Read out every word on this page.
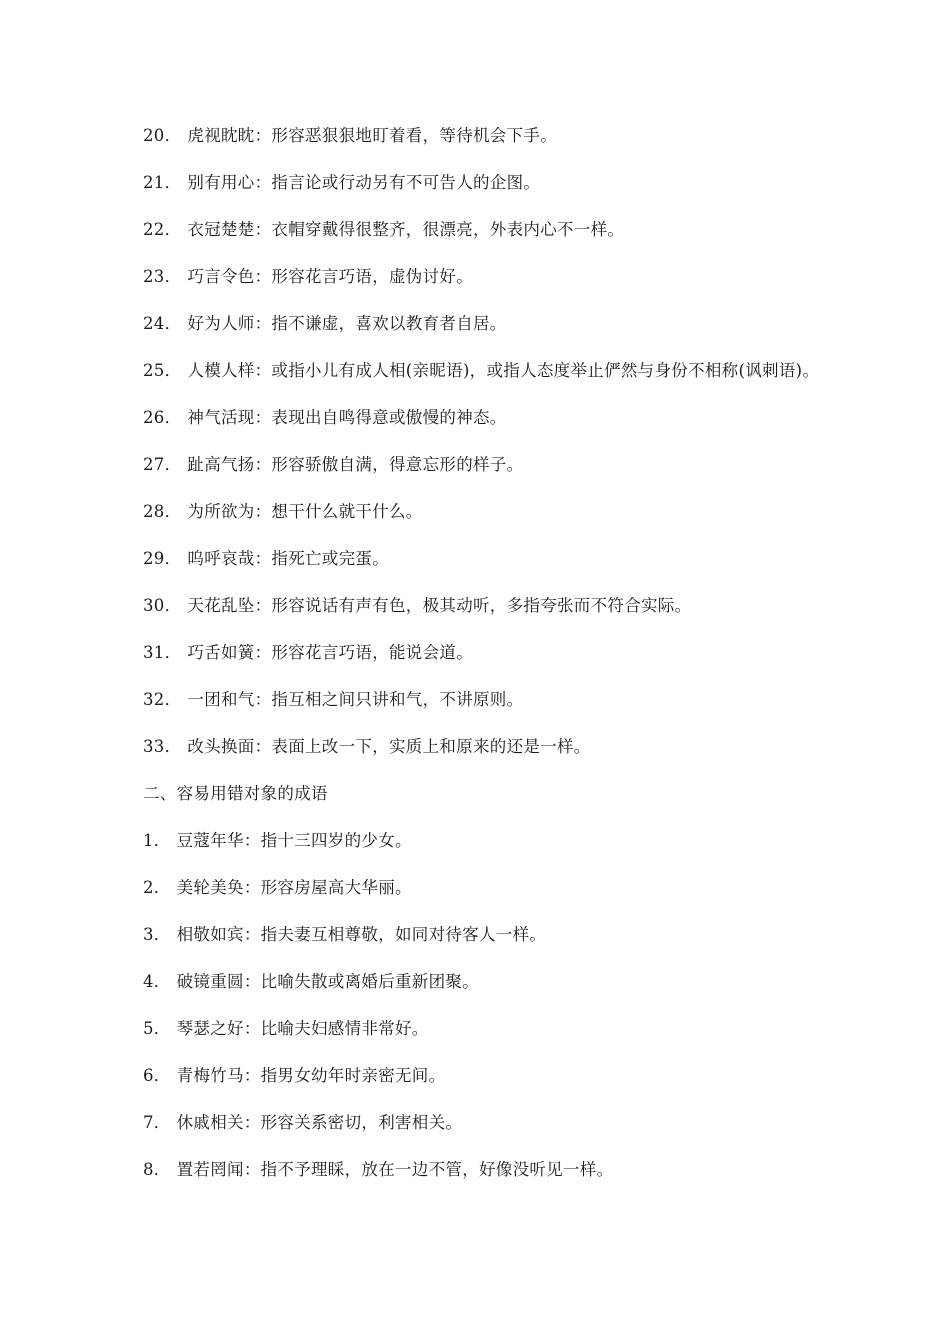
20． 虎视眈眈：形容恶狠狠地盯着看，等待机会下手。
21． 别有用心：指言论或行动另有不可告人的企图。
22． 衣冠楚楚：衣帽穿戴得很整齐，很漂亮，外表内心不一样。
23． 巧言令色：形容花言巧语，虚伪讨好。
24． 好为人师：指不谦虚，喜欢以教育者自居。
25． 人模人样：或指小儿有成人相(亲昵语)，或指人态度举止俨然与身份不相称(讽刺语)。
26． 神气活现：表现出自鸣得意或傲慢的神态。
27． 趾高气扬：形容骄傲自满，得意忘形的样子。
28． 为所欲为：想干什么就干什么。
29． 呜呼哀哉：指死亡或完蛋。
30． 天花乱坠：形容说话有声有色，极其动听，多指夸张而不符合实际。
31． 巧舌如簧：形容花言巧语，能说会道。
32． 一团和气：指互相之间只讲和气，不讲原则。
33． 改头换面：表面上改一下，实质上和原来的还是一样。
二、容易用错对象的成语
1． 豆蔻年华：指十三四岁的少女。
2． 美轮美奂：形容房屋高大华丽。
3． 相敬如宾：指夫妻互相尊敬，如同对待客人一样。
4． 破镜重圆：比喻失散或离婚后重新团聚。
5． 琴瑟之好：比喻夫妇感情非常好。
6． 青梅竹马：指男女幼年时亲密无间。
7． 休戚相关：形容关系密切，利害相关。
8． 置若罔闻：指不予理睬，放在一边不管，好像没听见一样。
